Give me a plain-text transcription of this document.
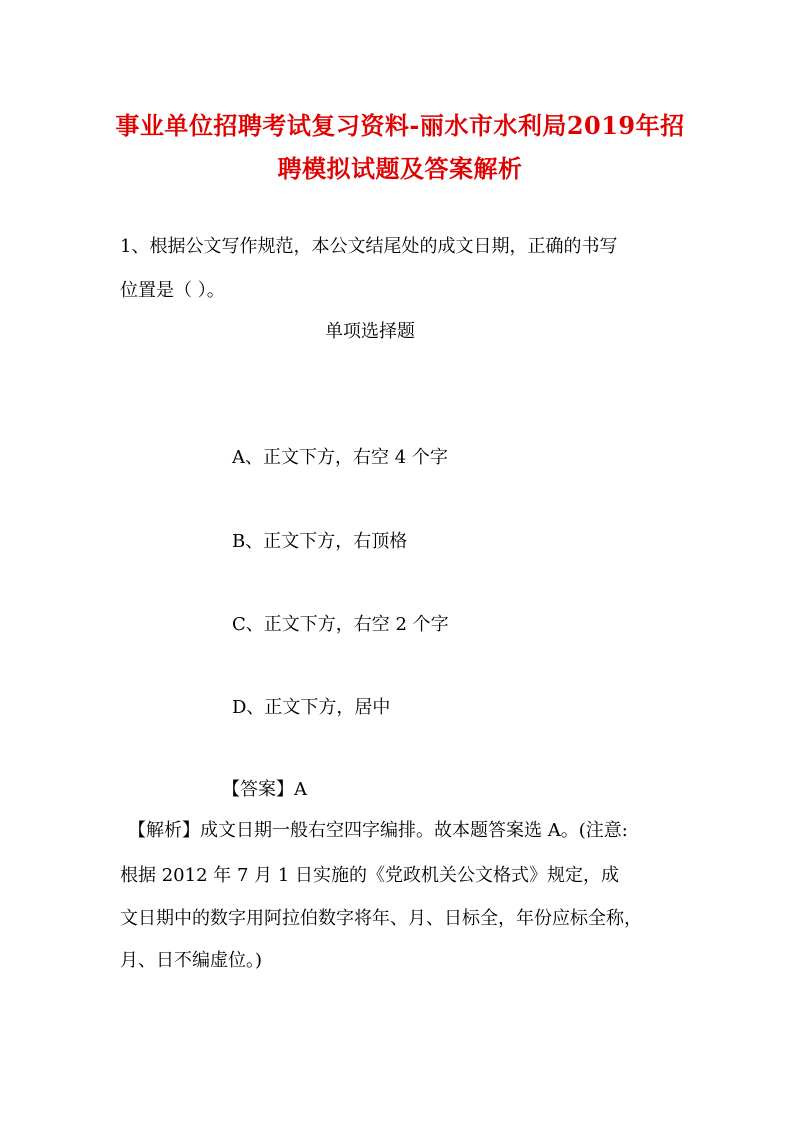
事业单位招聘考试复习资料-丽水市水利局2019年招
聘模拟试题及答案解析
1、根据公文写作规范，本公文结尾处的成文日期，正确的书写
位置是（ ）。
单项选择题
A、正文下方，右空 4 个字
B、正文下方，右顶格
C、正文下方，右空 2 个字
D、正文下方，居中
【答案】A
【解析】成文日期一般右空四字编排。故本题答案选 A。(注意:
根据 2012 年 7 月 1 日实施的《党政机关公文格式》规定，成
文日期中的数字用阿拉伯数字将年、月、日标全，年份应标全称，
月、日不编虚位。)
